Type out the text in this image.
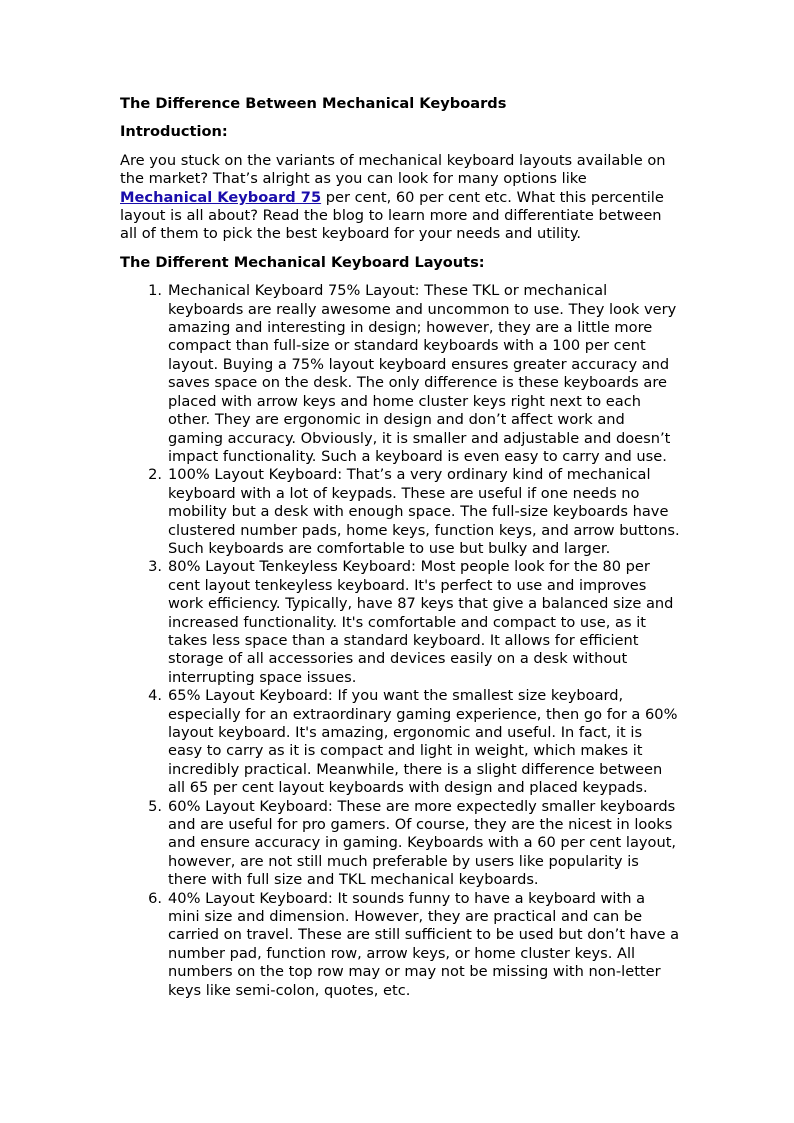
The Difference Between Mechanical Keyboards
Introduction:

Are you stuck on the variants of mechanical keyboard layouts available on the market? That’s alright as you can look for many options like Mechanical Keyboard 75 per cent, 60 per cent etc. What this percentile layout is all about? Read the blog to learn more and differentiate between all of them to pick the best keyboard for your needs and utility.

The Different Mechanical Keyboard Layouts:
1. Mechanical Keyboard 75% Layout: These TKL or mechanical keyboards are really awesome and uncommon to use. They look very amazing and interesting in design; however, they are a little more compact than full-size or standard keyboards with a 100 per cent layout. Buying a 75% layout keyboard ensures greater accuracy and saves space on the desk. The only difference is these keyboards are placed with arrow keys and home cluster keys right next to each other. They are ergonomic in design and don’t affect work and gaming accuracy. Obviously, it is smaller and adjustable and doesn’t impact functionality. Such a keyboard is even easy to carry and use.
2. 100% Layout Keyboard: That’s a very ordinary kind of mechanical keyboard with a lot of keypads. These are useful if one needs no mobility but a desk with enough space. The full-size keyboards have clustered number pads, home keys, function keys, and arrow buttons. Such keyboards are comfortable to use but bulky and larger.
3. 80% Layout Tenkeyless Keyboard: Most people look for the 80 per cent layout tenkeyless keyboard. It's perfect to use and improves work efficiency. Typically, have 87 keys that give a balanced size and increased functionality. It's comfortable and compact to use, as it takes less space than a standard keyboard. It allows for efficient storage of all accessories and devices easily on a desk without interrupting space issues.
4. 65% Layout Keyboard: If you want the smallest size keyboard, especially for an extraordinary gaming experience, then go for a 60% layout keyboard. It's amazing, ergonomic and useful. In fact, it is easy to carry as it is compact and light in weight, which makes it incredibly practical. Meanwhile, there is a slight difference between all 65 per cent layout keyboards with design and placed keypads.
5. 60% Layout Keyboard: These are more expectedly smaller keyboards and are useful for pro gamers. Of course, they are the nicest in looks and ensure accuracy in gaming. Keyboards with a 60 per cent layout, however, are not still much preferable by users like popularity is there with full size and TKL mechanical keyboards.
6. 40% Layout Keyboard: It sounds funny to have a keyboard with a mini size and dimension. However, they are practical and can be carried on travel. These are still sufficient to be used but don’t have a number pad, function row, arrow keys, or home cluster keys. All numbers on the top row may or may not be missing with non-letter keys like semi-colon, quotes, etc.
